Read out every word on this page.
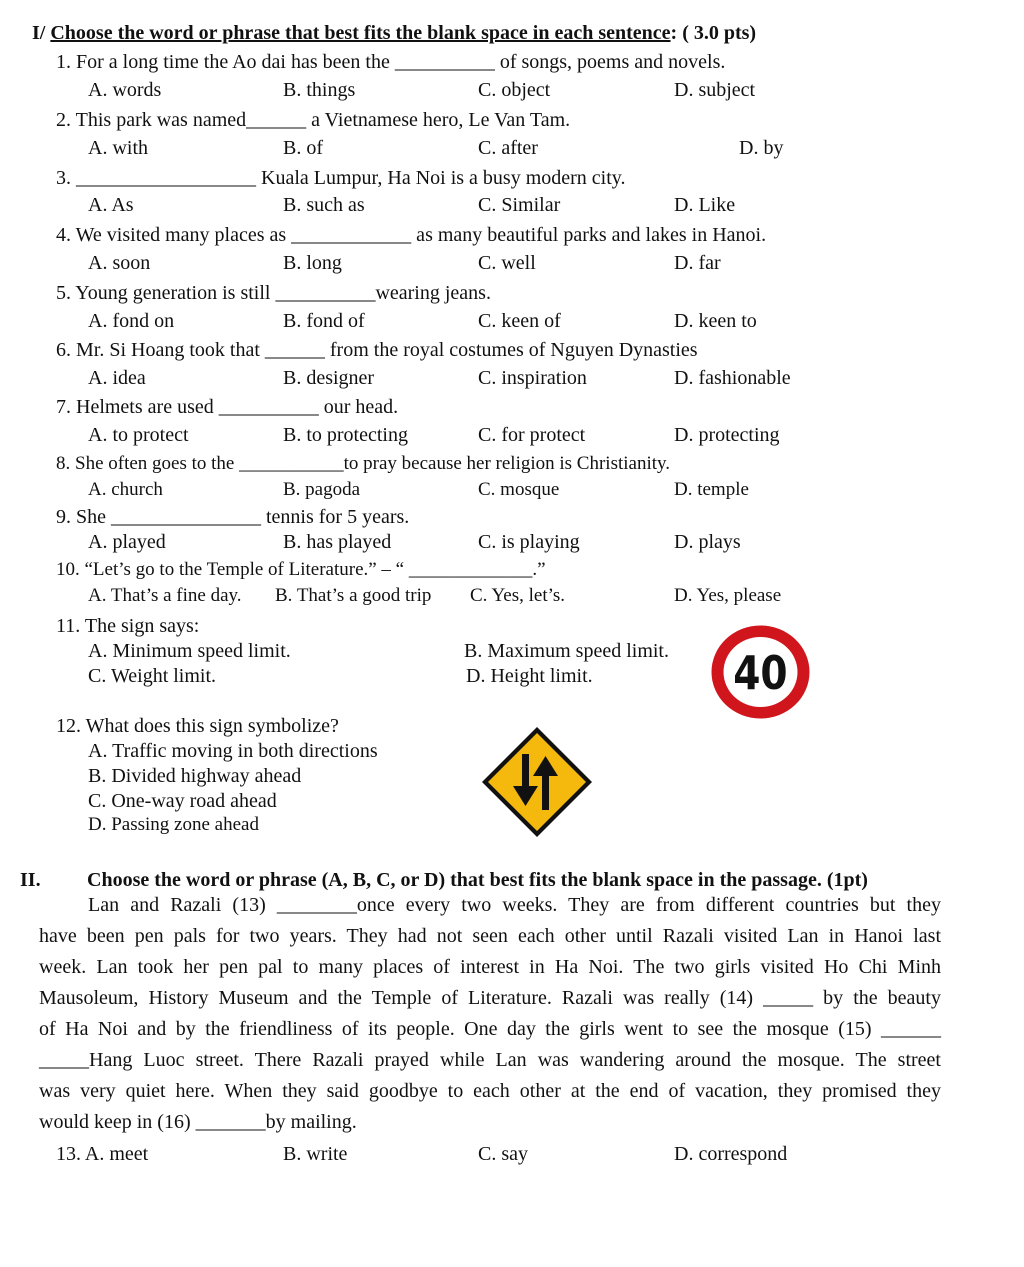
I/ Choose the word or phrase that best fits the blank space in each sentence: ( 3.0 pts)
1. For a long time the Ao dai has been the __________ of songs, poems and novels.
A. words	B. things	C. object	D. subject
2. This park was named______ a Vietnamese hero, Le Van Tam.
A. with	B. of	C. after	D. by
3. __________________ Kuala Lumpur, Ha Noi is a busy modern city.
A. As	B. such as	C. Similar	D. Like
4. We visited many places as ____________ as many beautiful parks and lakes in Hanoi.
A. soon	B. long	C. well	D. far
5. Young generation is still __________wearing jeans.
A. fond on	B. fond of	C. keen of	D. keen to
6. Mr. Si Hoang took that ______ from the royal costumes of Nguyen Dynasties
A. idea	B. designer	C. inspiration	D. fashionable
7. Helmets are used __________ our head.
A. to protect	B. to protecting	C. for protect	D. protecting
8. She often goes to the ___________to pray because her religion is Christianity.
A. church	B. pagoda	C. mosque	D. temple
9. She _______________ tennis for 5 years.
A. played	B. has played	C. is playing	D. plays
10. “Let’s go to the Temple of Literature.” – “ _____________.”
A. That’s a fine day. B. That’s a good trip C. Yes, let’s.	D. Yes, please
11. The sign says:
A. Minimum speed limit.	B. Maximum speed limit.
C. Weight limit.	D. Height limit.	40
12. What does this sign symbolize?
A. Traffic moving in both directions
B. Divided highway ahead
C. One-way road ahead
D. Passing zone ahead
II. Choose the word or phrase (A, B, C, or D) that best fits the blank space in the passage. (1pt)
Lan and Razali (13) ________once every two weeks. They are from different countries but they
have been pen pals for two years. They had not seen each other until Razali visited Lan in Hanoi last
week. Lan took her pen pal to many places of interest in Ha Noi. The two girls visited Ho Chi Minh
Mausoleum, History Museum and the Temple of Literature. Razali was really (14) _____ by the beauty
of Ha Noi and by the friendliness of its people. One day the girls went to see the mosque (15) ______
_____Hang Luoc street. There Razali prayed while Lan was wandering around the mosque. The street
was very quiet here. When they said goodbye to each other at the end of vacation, they promised they
would keep in (16) _______by mailing.
13. A. meet	B. write	C. say	D. correspond
